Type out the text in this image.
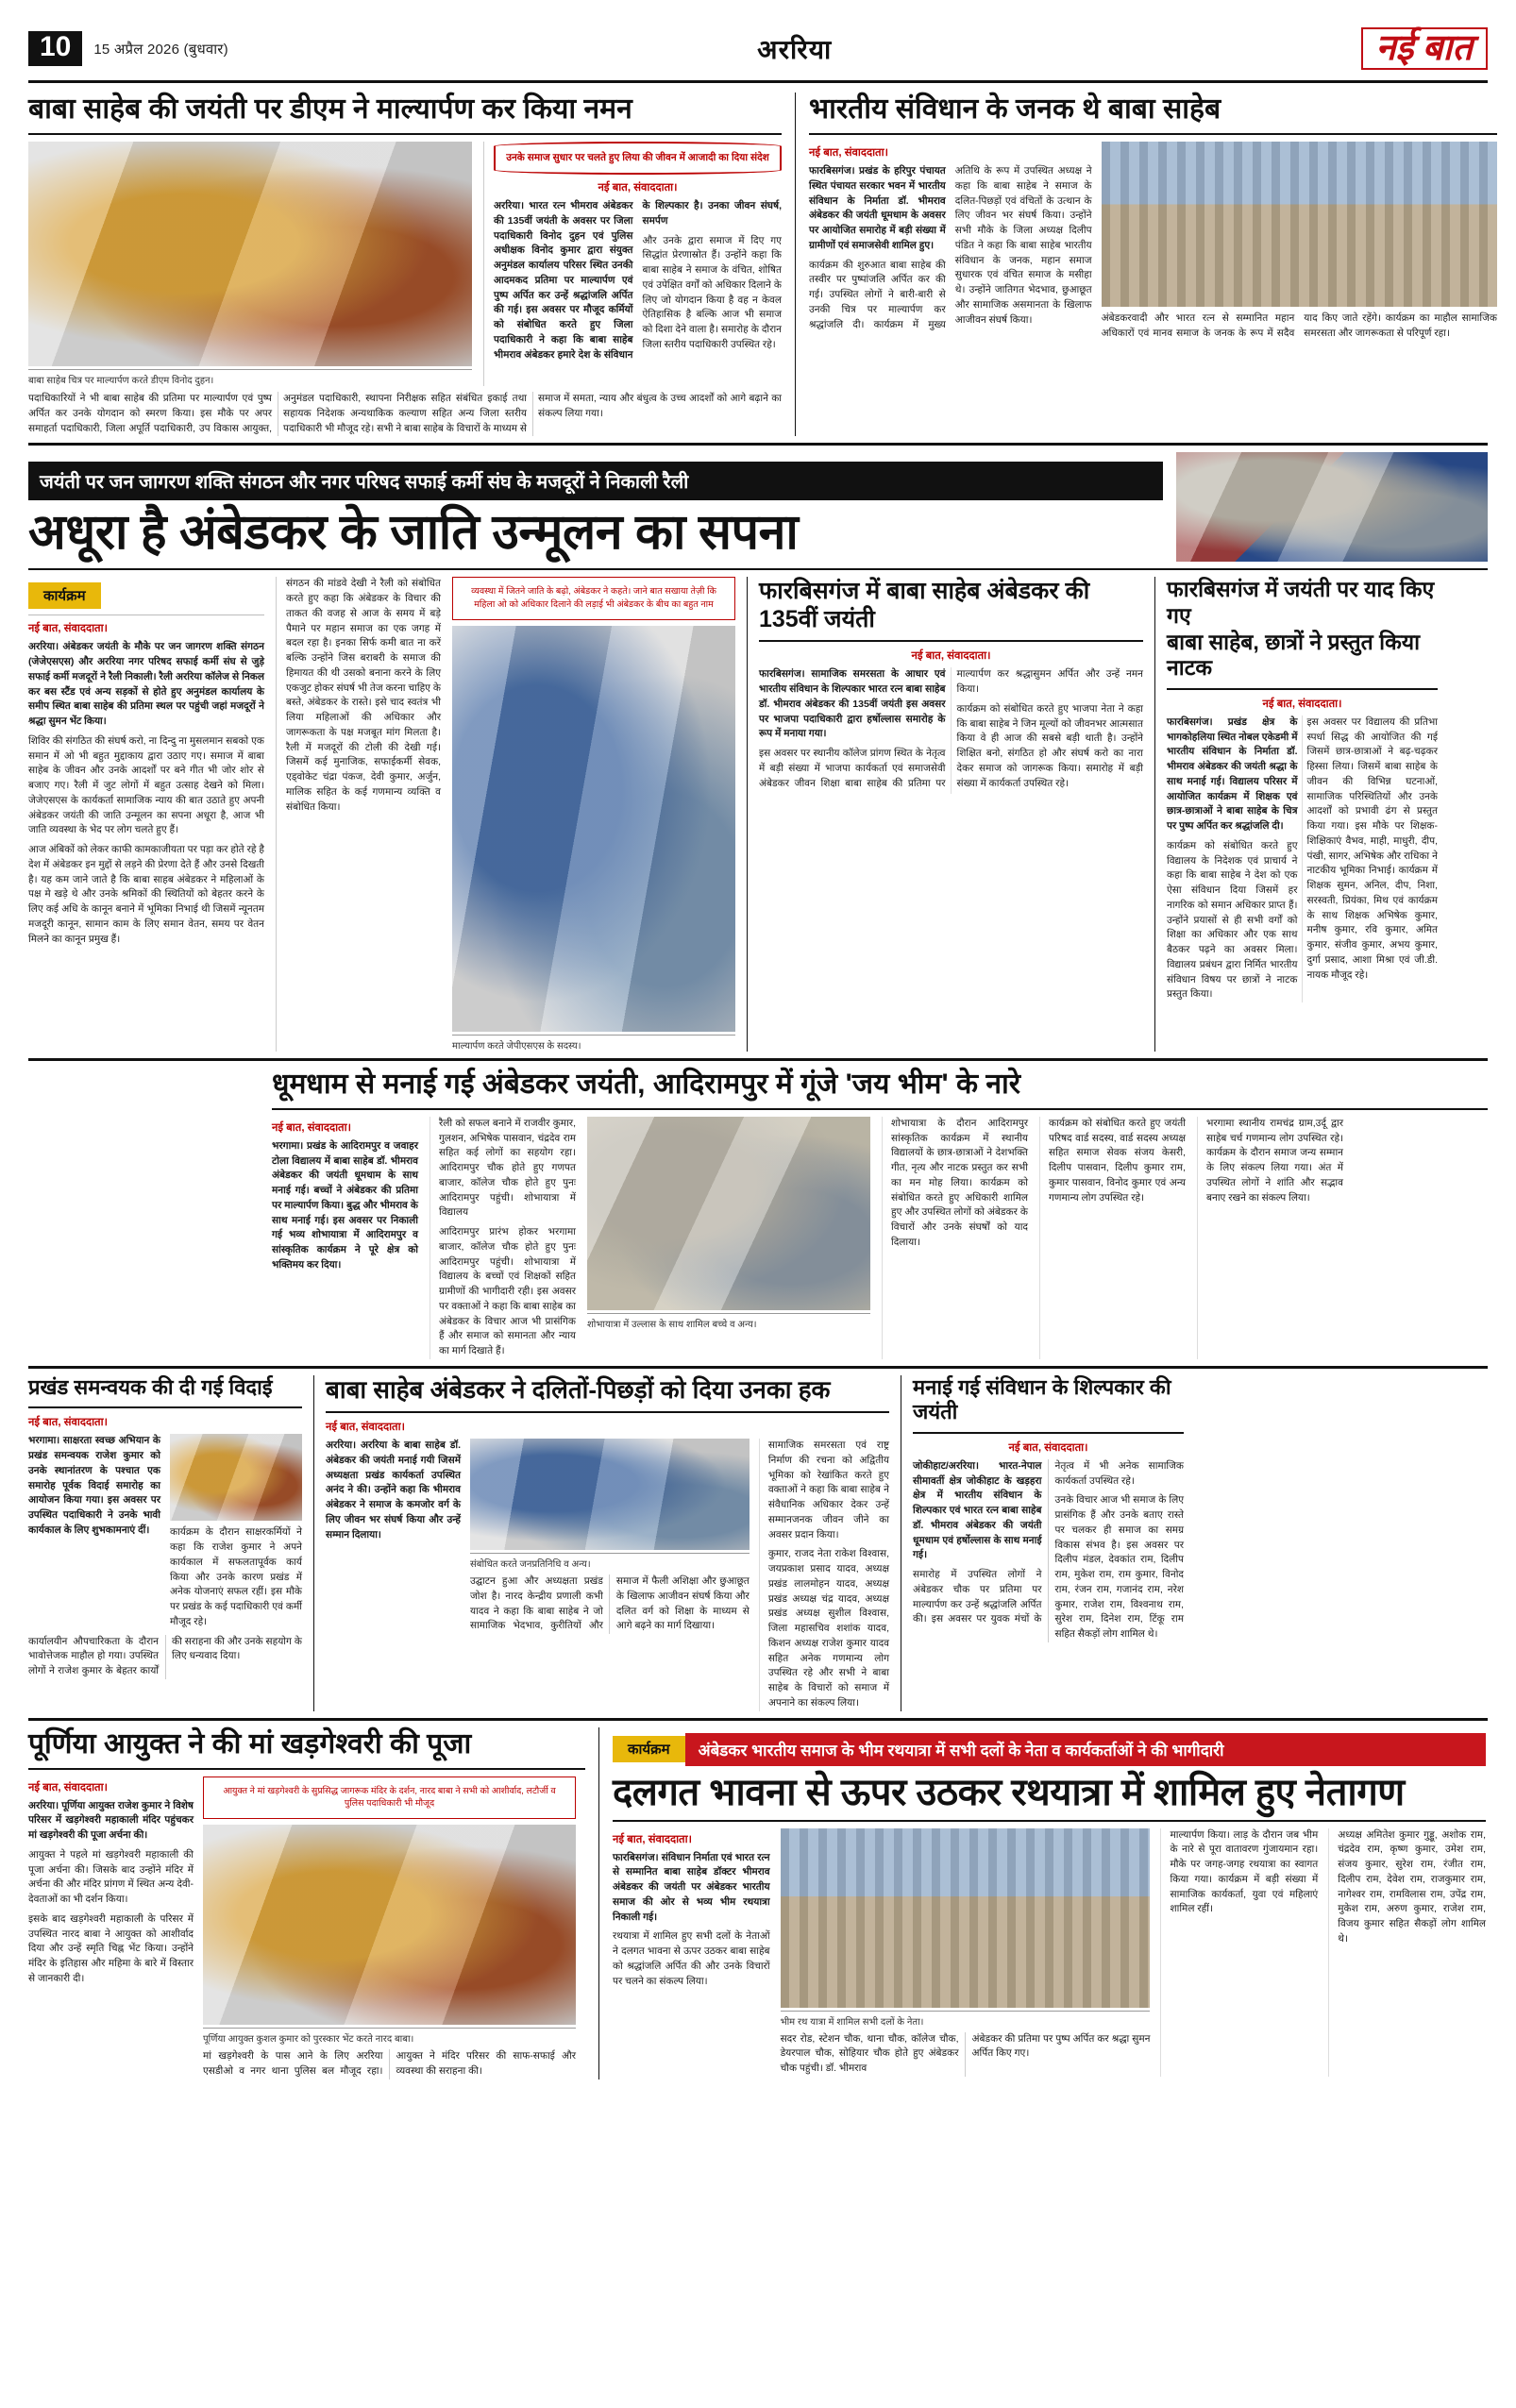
10	15 अप्रैल 2026 (बुधवार)	अररिया	नई बात
बाबा साहेब की जयंती पर डीएम ने माल्यार्पण कर किया नमन
बाबा साहेब चित्र पर माल्यार्पण करते डीएम विनोद दुहन।
उनके समाज सुधार पर चलते हुए लिया की जीवन में आजादी का दिया संदेश
नई बात, संवाददाता।

अररिया। भारत रत्न भीमराव अंबेडकर की 135वीं जयंती के अवसर पर जिला पदाधिकारी विनोद दुहन एवं पुलिस अधीक्षक विनोद कुमार द्वारा संयुक्त अनुमंडल कार्यालय परिसर स्थित उनकी आदमकद प्रतिमा पर माल्यार्पण एवं पुष्प अर्पित कर उन्हें श्रद्धांजलि अर्पित की गई। इस अवसर पर मौजूद कर्मियों को संबोधित करते हुए जिला पदाधिकारी ने कहा कि बाबा साहेब भीमराव अंबेडकर हमारे देश के संविधान के शिल्पकार है। उनका जीवन संघर्ष, समर्पण

और उनके द्वारा समाज में दिए गए सिद्धांत प्रेरणास्रोत हैं। उन्होंने कहा कि बाबा साहेब ने समाज के वंचित, शोषित एवं उपेक्षित वर्गों को अधिकार दिलाने के लिए जो योगदान किया है वह न केवल ऐतिहासिक है बल्कि आज भी समाज को दिशा देने वाला है। समारोह के दौरान जिला स्तरीय पदाधिकारी उपस्थित रहे।

पदाधिकारियों ने भी बाबा साहेब की प्रतिमा पर माल्यार्पण एवं पुष्प अर्पित कर उनके योगदान को स्मरण किया। इस मौके पर अपर समाहर्ता पदाधिकारी, जिला अपूर्ति पदाधिकारी, उप विकास आयुक्त, अनुमंडल पदाधिकारी, स्थापना निरीक्षक सहित संबंधित इकाई तथा सहायक निदेशक अन्यथाकिक कल्याण सहित अन्य जिला स्तरीय पदाधिकारी भी मौजूद रहे। सभी ने बाबा साहेब के विचारों के माध्यम से समाज में समता, न्याय और बंधुत्व के उच्च आदर्शों को आगे बढ़ाने का संकल्प लिया गया।

भारतीय संविधान के जनक थे बाबा साहेब
नई बात, संवाददाता।

फारबिसगंज। प्रखंड के हरिपुर पंचायत स्थित पंचायत सरकार भवन में भारतीय संविधान के निर्माता डॉ. भीमराव अंबेडकर की जयंती धूमधाम के अवसर पर आयोजित समारोह में बड़ी संख्या में ग्रामीणों एवं समाजसेवी शामिल हुए।

कार्यक्रम की शुरुआत बाबा साहेब की तस्वीर पर पुष्पांजलि अर्पित कर की गई। उपस्थित लोगों ने बारी-बारी से उनकी चित्र पर माल्यार्पण कर श्रद्धांजलि दी। कार्यक्रम में मुख्य अतिथि के रूप में उपस्थित अध्यक्ष ने कहा कि बाबा साहेब ने समाज के दलित-पिछड़ों एवं वंचितों के उत्थान के लिए जीवन भर संघर्ष किया। उन्होंने सभी मौके के जिला अध्यक्ष दिलीप पंडित ने कहा कि बाबा साहेब भारतीय संविधान के जनक, महान समाज सुधारक एवं वंचित समाज के मसीहा थे। उन्होंने जातिगत भेदभाव, छुआछूत और सामाजिक असमानता के खिलाफ आजीवन संघर्ष किया।	अंबेडकरवादी और भारत रत्न से सम्मानित महान अधिकारों एवं मानव समाज के जनक के रूप में सदैव याद किए जाते रहेंगे। कार्यक्रम का माहौल सामाजिक समरसता और जागरूकता से परिपूर्ण रहा।

जयंती पर जन जागरण शक्ति संगठन और नगर परिषद सफाई कर्मी संघ के मजदूरों ने निकाली रैली
अधूरा है अंबेडकर के जाति उन्मूलन का सपना
कार्यक्रम
नई बात, संवाददाता।

अररिया। अंबेडकर जयंती के मौके पर जन जागरण शक्ति संगठन (जेजेएसएस) और अररिया नगर परिषद सफाई कर्मी संघ से जुड़े सफाई कर्मी मजदूरों ने रैली निकाली। रैली अररिया कॉलेज से निकल कर बस स्टैंड एवं अन्य सड़कों से होते हुए अनुमंडल कार्यालय के समीप स्थित बाबा साहेब की प्रतिमा स्थल पर पहुंची जहां मजदूरों ने श्रद्धा सुमन भेंट किया।

शिविर की संगठित की संघर्ष करो, ना दिन्दु ना मुसलमान सबको एक समान में ओ भी बहुत मुद्दाकाय द्वारा उठाए गए। समाज में बाबा साहेब के जीवन और उनके आदर्शों पर बने गीत भी जोर शोर से बजाए गए। रैली में जुट लोगों में बहुत उत्साह देखने को मिला। जेजेएसएस के कार्यकर्ता सामाजिक न्याय की बात उठाते हुए अपनी अंबेडकर जयंती की जाति उन्मूलन का सपना अधूरा है, आज भी जाति व्यवस्था के भेद पर लोग चलते हुए हैं।

आज अंबिकों को लेकर काफी कामकाजीयता पर पड़ा कर होते रहे है देश में अंबेडकर इन मुद्दों से लड़ने की प्रेरणा देते हैं और उनसे दिखती है। यह कम जाने जाते है कि बाबा साहब अंबेडकर ने महिलाओं के पक्ष मे खड़े थे और उनके श्रमिकों की स्थितियों को बेहतर करने के लिए कई अधि के कानून बनाने में भूमिका निभाई थी जिसमें न्यूनतम मजदूरी कानून, सामान काम के लिए समान वेतन, समय पर वेतन मिलने का कानून प्रमुख हैं।

संगठन की मांडवे देखी ने रैली को संबोधित करते हुए कहा कि अंबेडकर के विचार की ताकत की वजह से आज के समय में बड़े पैमाने पर महान समाज का एक जगह में बदल रहा है। इनका सिर्फ कमी बात ना करें बल्कि उन्होंने जिस बराबरी के समाज की हिमायत की थी उसको बनाना करने के लिए एकजुट होकर संघर्ष भी तेज करना चाहिए के बस्ते, अंबेडकर के रास्ते। इसे चाद स्वतंत्र भी लिया महिलाओं की अधिकार और जागरूकता के पक्ष मजबूत मांग मिलता है। रैली में मजदूरों की टोली की देखी गई। जिसमें कई मुनाजिक, सफाईकर्मी सेवक, एड्वोकेट चंद्रा पंकज, देवी कुमार, अर्जुन, मालिक सहित के कई गणमान्य व्यक्ति व संबोधित किया।

व्यवस्था में जितने जाति के बढ़ो, अंबेडकर ने कहते। जाने बात सखाया तेज़ी कि महिला ओ को अधिकार दिलाने की लड़ाई भी अंबेडकर के बीच का बहुत नाम
माल्यार्पण करते जेपीएसएस के सदस्य।
फारबिसगंज में बाबा साहेब अंबेडकर की 135वीं जयंती
नई बात, संवाददाता।

फारबिसगंज। सामाजिक समरसता के आधार एवं भारतीय संविधान के शिल्पकार भारत रत्न बाबा साहेब डॉ. भीमराव अंबेडकर की 135वीं जयंती इस अवसर पर भाजपा पदाधिकारी द्वारा हर्षोल्लास समारोह के रूप में मनाया गया।

इस अवसर पर स्थानीय कॉलेज प्रांगण स्थित के नेतृत्व में बड़ी संख्या में भाजपा कार्यकर्ता एवं समाजसेवी अंबेडकर जीवन शिक्षा बाबा साहेब की प्रतिमा पर माल्यार्पण कर श्रद्धासुमन अर्पित और उन्हें नमन किया।

कार्यक्रम को संबोधित करते हुए भाजपा नेता ने कहा कि बाबा साहेब ने जिन मूल्यों को जीवनभर आत्मसात किया वे ही आज की सबसे बड़ी थाती है। उन्होंने शिक्षित बनो, संगठित हो और संघर्ष करो का नारा देकर समाज को जागरूक किया। समारोह में बड़ी संख्या में कार्यकर्ता उपस्थित रहे।

फारबिसगंज में जयंती पर याद किए गए
बाबा साहेब, छात्रों ने प्रस्तुत किया नाटक
नई बात, संवाददाता।

फारबिसगंज। प्रखंड क्षेत्र के भागकोहलिया स्थित नोबल एकेडमी में भारतीय संविधान के निर्माता डॉ. भीमराव अंबेडकर की जयंती श्रद्धा के साथ मनाई गई। विद्यालय परिसर में आयोजित कार्यक्रम में शिक्षक एवं छात्र-छात्राओं ने बाबा साहेब के चित्र पर पुष्प अर्पित कर श्रद्धांजलि दी।

कार्यक्रम को संबोधित करते हुए विद्यालय के निदेशक एवं प्राचार्य ने कहा कि बाबा साहेब ने देश को एक ऐसा संविधान दिया जिसमें हर नागरिक को समान अधिकार प्राप्त हैं। उन्होंने प्रयासों से ही सभी वर्गों को शिक्षा का अधिकार और एक साथ बैठकर पढ़ने का अवसर मिला। विद्यालय प्रबंधन द्वारा निर्मित भारतीय संविधान विषय पर छात्रों ने नाटक प्रस्तुत किया।

इस अवसर पर विद्यालय की प्रतिभा स्पर्धा सिद्ध की आयोजित की गई जिसमें छात्र-छात्राओं ने बढ़-चढ़कर हिस्सा लिया। जिसमें बाबा साहेब के जीवन की विभिन्न घटनाओं, सामाजिक परिस्थितियों और उनके आदर्शों को प्रभावी ढंग से प्रस्तुत किया गया। इस मौके पर शिक्षक-शिक्षिकाएं वैभव, माही, माधुरी, दीप, पंखी, सागर, अभिषेक और राधिका ने नाटकीय भूमिका निभाई। कार्यक्रम में शिक्षक सुमन, अनिल, दीप, निशा, सरस्वती, प्रियंका, मिथ एवं कार्यक्रम के साथ शिक्षक अभिषेक कुमार, मनीष कुमार, रवि कुमार, अमित कुमार, संजीव कुमार, अभय कुमार, दुर्गा प्रसाद, आशा मिश्रा एवं जी.डी. नायक मौजूद रहे।

धूमधाम से मनाई गई अंबेडकर जयंती, आदिरामपुर में गूंजे 'जय भीम' के नारे
नई बात, संवाददाता।

भरगामा। प्रखंड के आदिरामपुर व जवाहर टोला विद्यालय में बाबा साहेब डॉ. भीमराव अंबेडकर की जयंती धूमधाम के साथ मनाई गई। बच्चों ने अंबेडकर की प्रतिमा पर माल्यार्पण किया। बुद्ध और भीमराव के साथ मनाई गई। इस अवसर पर निकाली गई भव्य शोभायात्रा में आदिरामपुर व सांस्कृतिक कार्यक्रम ने पूरे क्षेत्र को भक्तिमय कर दिया।

रैली को सफल बनाने में राजवीर कुमार, गुलशन, अभिषेक पासवान, चंद्रदेव राम सहित कई लोगों का सहयोग रहा। आदिरामपुर चौक होते हुए गणपत बाजार, कॉलेज चौक होते हुए पुनः आदिरामपुर पहुंची। शोभायात्रा में विद्यालय

आदिरामपुर प्रारंभ होकर भरगामा बाजार, कॉलेज चौक होते हुए पुनः आदिरामपुर पहुंची। शोभायात्रा में विद्यालय के बच्चों एवं शिक्षकों सहित ग्रामीणों की भागीदारी रही। इस अवसर पर वक्ताओं ने कहा कि बाबा साहेब का अंबेडकर के विचार आज भी प्रासंगिक हैं और समाज को समानता और न्याय का मार्ग दिखाते हैं।

शोभायात्रा में उल्लास के साथ शामिल बच्चे व अन्य।

शोभायात्रा के दौरान आदिरामपुर सांस्कृतिक कार्यक्रम में स्थानीय विद्यालयों के छात्र-छात्राओं ने देशभक्ति गीत, नृत्य और नाटक प्रस्तुत कर सभी का मन मोह लिया। कार्यक्रम को संबोधित करते हुए अधिकारी शामिल हुए और उपस्थित लोगों को अंबेडकर के विचारों और उनके संघर्षों को याद दिलाया।

कार्यक्रम को संबोधित करते हुए जयंती परिषद वार्ड सदस्य, वार्ड सदस्य अध्यक्ष सहित समाज सेवक संजय केसरी, दिलीप पासवान, दिलीप कुमार राम, कुमार पासवान, विनोद कुमार एवं अन्य गणमान्य लोग उपस्थित रहे।

भरगामा स्थानीय रामचंद्र ग्राम,उर्दू द्वार साहेब चर्च गणमान्य लोग उपस्थित रहे। कार्यक्रम के दौरान समाज जन्य सम्मान के लिए संकल्प लिया गया। अंत में उपस्थित लोगों ने शांति और सद्भाव बनाए रखने का संकल्प लिया।

प्रखंड समन्वयक की दी गई विदाई
नई बात, संवाददाता।

भरगामा। साक्षरता स्वच्छ अभियान के प्रखंड समन्वयक राजेश कुमार को उनके स्थानांतरण के पश्चात एक समारोह पूर्वक विदाई समारोह का आयोजन किया गया। इस अवसर पर उपस्थित पदाधिकारी ने उनके भावी कार्यकाल के लिए शुभकामनाएं दीं।	कार्यक्रम के दौरान साक्षरकर्मियों ने कहा कि राजेश कुमार ने अपने कार्यकाल में सफलतापूर्वक कार्य किया और उनके कारण प्रखंड में अनेक योजनाएं सफल रहीं। इस मौके पर प्रखंड के कई पदाधिकारी एवं कर्मी मौजूद रहे।

कार्यालयीन औपचारिकता के दौरान भावोत्तेजक माहौल हो गया। उपस्थित लोगों ने राजेश कुमार के बेहतर कार्यों की सराहना की और उनके सहयोग के लिए धन्यवाद दिया।

बाबा साहेब अंबेडकर ने दलितों-पिछड़ों को दिया उनका हक
नई बात, संवाददाता।

अररिया। अररिया के बाबा साहेब डॉ. अंबेडकर की जयंती मनाई गयी जिसमें अध्यक्षता प्रखंड कार्यकर्ता उपस्थित अनंद ने की। उन्होंने कहा कि भीमराव अंबेडकर ने समाज के कमजोर वर्ग के लिए जीवन भर संघर्ष किया और उन्हें सम्मान दिलाया।

संबोधित करते जनप्रतिनिधि व अन्य।

उद्घाटन हुआ और अध्यक्षता प्रखंड जोश है। नारद केन्द्रीय प्रणाली कभी यादव ने कहा कि बाबा साहेब ने जो सामाजिक भेदभाव, कुरीतियों और समाज में फैली अशिक्षा और छुआछूत के खिलाफ आजीवन संघर्ष किया और दलित वर्ग को शिक्षा के माध्यम से आगे बढ़ने का मार्ग दिखाया।

सामाजिक समरसता एवं राष्ट्र निर्माण की रचना को अद्वितीय भूमिका को रेखांकित करते हुए वक्ताओं ने कहा कि बाबा साहेब ने संवैधानिक अधिकार देकर उन्हें सम्मानजनक जीवन जीने का अवसर प्रदान किया।

कुमार, राजद नेता राकेश विश्वास, जयप्रकाश प्रसाद यादव, अध्यक्ष प्रखंड लालमोहन यादव, अध्यक्ष प्रखंड अध्यक्ष चंद्र यादव, अध्यक्ष प्रखंड अध्यक्ष सुशील विश्वास, जिला महासचिव शशांक यादव, किशन अध्यक्ष राजेश कुमार यादव सहित अनेक गणमान्य लोग उपस्थित रहे और सभी ने बाबा साहेब के विचारों को समाज में अपनाने का संकल्प लिया।

मनाई गई संविधान के शिल्पकार की जयंती
नई बात, संवाददाता।

जोकीहाट/अररिया। भारत-नेपाल सीमावर्ती क्षेत्र जोकीहाट के खड़हरा क्षेत्र में भारतीय संविधान के शिल्पकार एवं भारत रत्न बाबा साहेब डॉ. भीमराव अंबेडकर की जयंती धूमधाम एवं हर्षोल्लास के साथ मनाई गई।

समारोह में उपस्थित लोगों ने अंबेडकर चौक पर प्रतिमा पर माल्यार्पण कर उन्हें श्रद्धांजलि अर्पित की। इस अवसर पर युवक मंचों के नेतृत्व में भी अनेक सामाजिक कार्यकर्ता उपस्थित रहे।

उनके विचार आज भी समाज के लिए प्रासंगिक हैं और उनके बताए रास्ते पर चलकर ही समाज का समग्र विकास संभव है। इस अवसर पर दिलीप मंडल, देवकांत राम, दिलीप राम, मुकेश राम, राम कुमार, विनोद राम, रंजन राम, गजानंद राम, नरेश कुमार, राजेश राम, विश्वनाथ राम, सुरेश राम, दिनेश राम, टिंकू राम सहित सैकड़ों लोग शामिल थे।

पूर्णिया आयुक्त ने की मां खड़गेश्वरी की पूजा
नई बात, संवाददाता।

अररिया। पूर्णिया आयुक्त राजेश कुमार ने विशेष परिसर में खड़गेश्वरी महाकाली मंदिर पहुंचकर मां खड़गेश्वरी की पूजा अर्चना की।

आयुक्त ने पहले मां खड़गेश्वरी महाकाली की पूजा अर्चना की। जिसके बाद उन्होंने मंदिर में अर्चना की और मंदिर प्रांगण में स्थित अन्य देवी-देवताओं का भी दर्शन किया।

इसके बाद खड़गेश्वरी महाकाली के परिसर में उपस्थित नारद बाबा ने आयुक्त को आशीर्वाद दिया और उन्हें स्मृति चिह्न भेंट किया। उन्होंने मंदिर के इतिहास और महिमा के बारे में विस्तार से जानकारी दी।

आयुक्त ने मां खड़गेश्वरी के सुप्रसिद्ध जागरूक मंदिर के दर्शन, नारद बाबा ने सभी को आशीर्वाद, लटौर्जी व पुलिस पदाधिकारी भी मौजूद
पूर्णिया आयुक्त कुशल कुमार को पुरस्कार भेंट करते नारद बाबा।

मां खड़गेश्वरी के पास आने के लिए अररिया एसडीओ व नगर थाना पुलिस बल मौजूद रहा। आयुक्त ने मंदिर परिसर की साफ-सफाई और व्यवस्था की सराहना की।

कार्यक्रम	अंबेडकर भारतीय समाज के भीम रथयात्रा में सभी दलों के नेता व कार्यकर्ताओं ने की भागीदारी
दलगत भावना से ऊपर उठकर रथयात्रा में शामिल हुए नेतागण
नई बात, संवाददाता।

फारबिसगंज। संविधान निर्माता एवं भारत रत्न से सम्मानित बाबा साहेब डॉक्टर भीमराव अंबेडकर की जयंती पर अंबेडकर भारतीय समाज की ओर से भव्य भीम रथयात्रा निकाली गई।

रथयात्रा में शामिल हुए सभी दलों के नेताओं ने दलगत भावना से ऊपर उठकर बाबा साहेब को श्रद्धांजलि अर्पित की और उनके विचारों पर चलने का संकल्प लिया।

भीम रथ यात्रा में शामिल सभी दलों के नेता।

सदर रोड, स्टेशन चौक, थाना चौक, कॉलेज चौक, डेयरपाल चौक, सोहियार चौक होते हुए अंबेडकर चौक पहुंची। डॉ. भीमराव

अंबेडकर की प्रतिमा पर पुष्प अर्पित कर श्रद्धा सुमन अर्पित किए गए।

माल्यार्पण किया। लाड़ के दौरान जब भीम के नारे से पूरा वातावरण गुंजायमान रहा। मौके पर जगह-जगह रथयात्रा का स्वागत किया गया। कार्यक्रम में बड़ी संख्या में सामाजिक कार्यकर्ता, युवा एवं महिलाएं शामिल रहीं।

अध्यक्ष अमितेश कुमार गुड्डू, अशोक राम, चंद्रदेव राम, कृष्ण कुमार, उमेश राम, संजय कुमार, सुरेश राम, रंजीत राम, दिलीप राम, देवेश राम, राजकुमार राम, नागेश्वर राम, रामविलास राम, उपेंद्र राम, मुकेश राम, अरुण कुमार, राजेश राम, विजय कुमार सहित सैकड़ों लोग शामिल थे।
